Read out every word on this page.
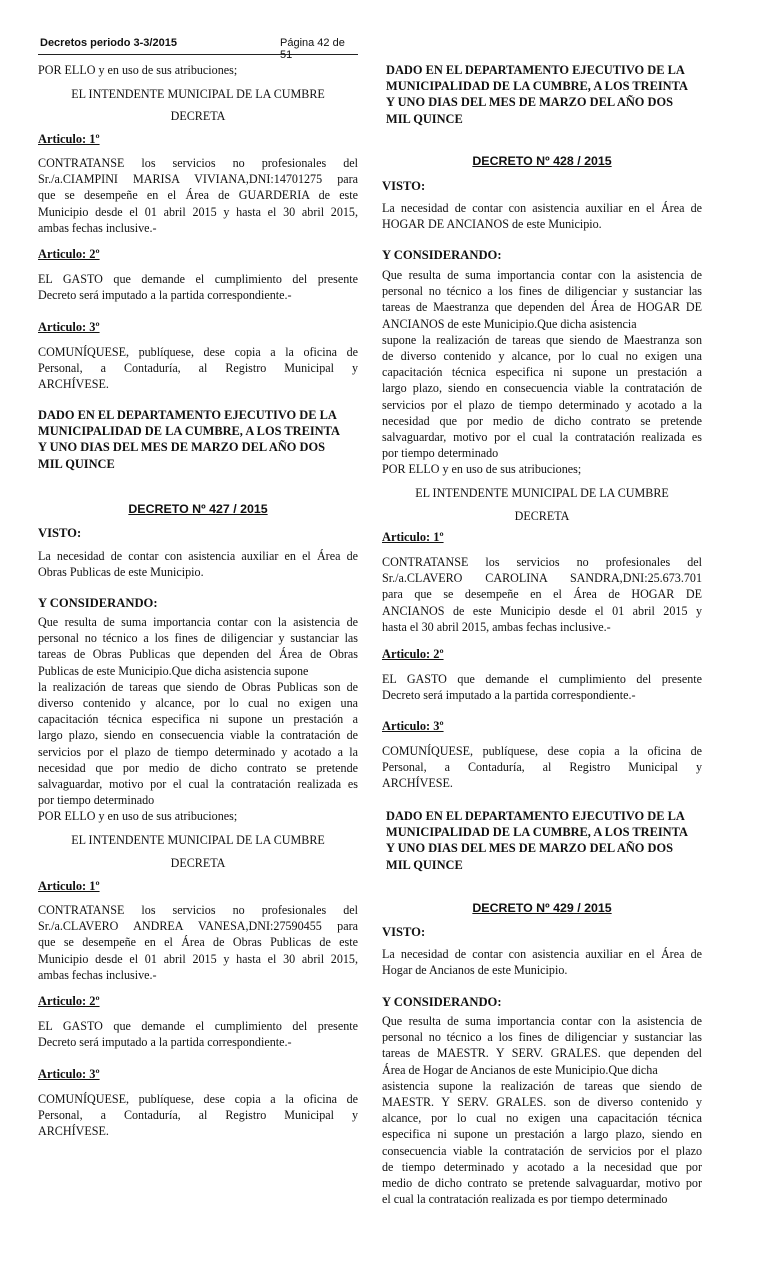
Decretos periodo 3-3/2015	Página 42 de 51

POR ELLO y en uso de sus atribuciones;

EL INTENDENTE MUNICIPAL DE LA CUMBRE

DECRETA

Articulo: 1º

CONTRATANSE los servicios no profesionales del

Sr./a.CIAMPINI MARISA VIVIANA,DNI:14701275 para

que se desempeñe en el Área de GUARDERIA de este

Municipio desde el 01 abril 2015 y hasta el 30 abril 2015,

ambas fechas inclusive.-

Articulo: 2º

EL GASTO que demande el cumplimiento del presente

Decreto será imputado a la partida correspondiente.-

Articulo: 3º

COMUNÍQUESE, publíquese, dese copia a la oficina de

Personal, a Contaduría, al Registro Municipal y

ARCHÍVESE.

DADO EN EL DEPARTAMENTO EJECUTIVO DE LA

MUNICIPALIDAD DE LA CUMBRE, A LOS TREINTA

Y UNO DIAS DEL MES DE MARZO DEL AÑO DOS

MIL QUINCE

DECRETO Nº 427 / 2015

VISTO:

La necesidad de contar con asistencia auxiliar en el Área de

Obras Publicas de este Municipio.

Y CONSIDERANDO:

Que resulta de suma importancia contar con la asistencia de

personal no técnico a los fines de diligenciar y sustanciar las

tareas de Obras Publicas que dependen del Área de Obras

Publicas de este Municipio.Que dicha asistencia supone

la realización de tareas que siendo de Obras Publicas son de

diverso contenido y alcance, por lo cual no exigen una

capacitación técnica especifica ni supone un prestación a

largo plazo, siendo en consecuencia viable la contratación de

servicios por el plazo de tiempo determinado y acotado a la

necesidad que por medio de dicho contrato se pretende

salvaguardar, motivo por el cual la contratación realizada es

por tiempo determinado

POR ELLO y en uso de sus atribuciones;

EL INTENDENTE MUNICIPAL DE LA CUMBRE

DECRETA

Articulo: 1º

CONTRATANSE los servicios no profesionales del

Sr./a.CLAVERO ANDREA VANESA,DNI:27590455 para

que se desempeñe en el Área de Obras Publicas de este

Municipio desde el 01 abril 2015 y hasta el 30 abril 2015,

ambas fechas inclusive.-

Articulo: 2º

EL GASTO que demande el cumplimiento del presente

Decreto será imputado a la partida correspondiente.-

Articulo: 3º

COMUNÍQUESE, publíquese, dese copia a la oficina de

Personal, a Contaduría, al Registro Municipal y

ARCHÍVESE.

DADO EN EL DEPARTAMENTO EJECUTIVO DE LA

MUNICIPALIDAD DE LA CUMBRE, A LOS TREINTA

Y UNO DIAS DEL MES DE MARZO DEL AÑO DOS

MIL QUINCE

DECRETO Nº 428 / 2015

VISTO:

La necesidad de contar con asistencia auxiliar en el Área de

HOGAR DE ANCIANOS de este Municipio.

Y CONSIDERANDO:

Que resulta de suma importancia contar con la asistencia de

personal no técnico a los fines de diligenciar y sustanciar las

tareas de Maestranza que dependen del Área de HOGAR DE

ANCIANOS de este Municipio.Que dicha asistencia

supone la realización de tareas que siendo de Maestranza son

de diverso contenido y alcance, por lo cual no exigen una

capacitación técnica especifica ni supone un prestación a

largo plazo, siendo en consecuencia viable la contratación de

servicios por el plazo de tiempo determinado y acotado a la

necesidad que por medio de dicho contrato se pretende

salvaguardar, motivo por el cual la contratación realizada es

por tiempo determinado

POR ELLO y en uso de sus atribuciones;

EL INTENDENTE MUNICIPAL DE LA CUMBRE

DECRETA

Articulo: 1º

CONTRATANSE los servicios no profesionales del

Sr./a.CLAVERO CAROLINA SANDRA,DNI:25.673.701

para que se desempeñe en el Área de HOGAR DE

ANCIANOS de este Municipio desde el 01 abril 2015 y

hasta el 30 abril 2015, ambas fechas inclusive.-

Articulo: 2º

EL GASTO que demande el cumplimiento del presente

Decreto será imputado a la partida correspondiente.-

Articulo: 3º

COMUNÍQUESE, publíquese, dese copia a la oficina de

Personal, a Contaduría, al Registro Municipal y

ARCHÍVESE.

DADO EN EL DEPARTAMENTO EJECUTIVO DE LA

MUNICIPALIDAD DE LA CUMBRE, A LOS TREINTA

Y UNO DIAS DEL MES DE MARZO DEL AÑO DOS

MIL QUINCE

DECRETO Nº 429 / 2015

VISTO:

La necesidad de contar con asistencia auxiliar en el Área de

Hogar de Ancianos de este Municipio.

Y CONSIDERANDO:

Que resulta de suma importancia contar con la asistencia de

personal no técnico a los fines de diligenciar y sustanciar las

tareas de MAESTR. Y SERV. GRALES. que dependen del

Área de Hogar de Ancianos de este Municipio.Que dicha

asistencia supone la realización de tareas que siendo de

MAESTR. Y SERV. GRALES. son de diverso contenido y

alcance, por lo cual no exigen una capacitación técnica

especifica ni supone un prestación a largo plazo, siendo en

consecuencia viable la contratación de servicios por el plazo

de tiempo determinado y acotado a la necesidad que por

medio de dicho contrato se pretende salvaguardar, motivo por

el cual la contratación realizada es por tiempo determinado
